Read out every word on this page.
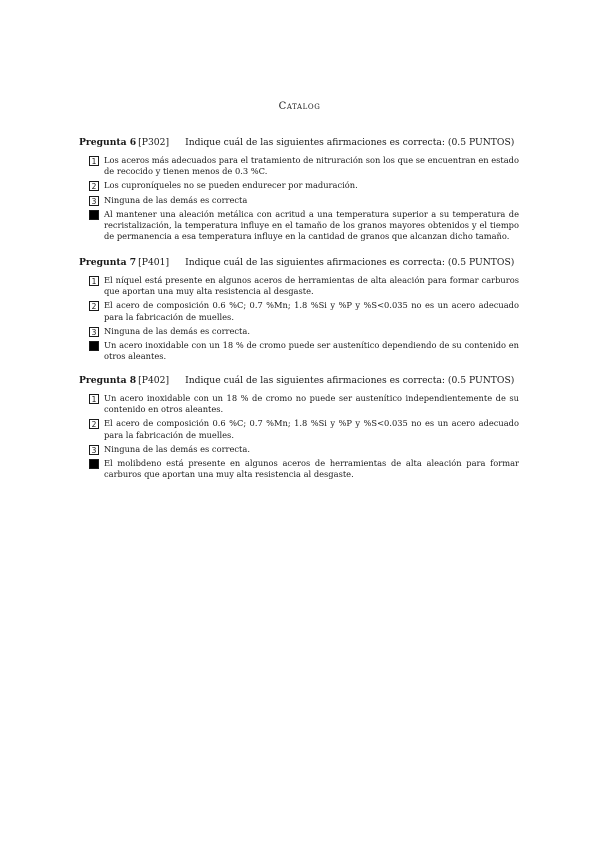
Catalog
Pregunta 6 [P302] Indique cuál de las siguientes afirmaciones es correcta: (0.5 PUNTOS)
1 Los aceros más adecuados para el tratamiento de nitruración son los que se encuentran en estado de recocido y tienen menos de 0.3 %C.
2 Los cuproníqueles no se pueden endurecer por maduración.
3 Ninguna de las demás es correcta
Al mantener una aleación metálica con acritud a una temperatura superior a su temperatura de recristalización, la temperatura influye en el tamaño de los granos mayores obtenidos y el tiempo de permanencia a esa temperatura influye en la cantidad de granos que alcanzan dicho tamaño.
Pregunta 7 [P401] Indique cuál de las siguientes afirmaciones es correcta: (0.5 PUNTOS)
1 El níquel está presente en algunos aceros de herramientas de alta aleación para formar carburos que aportan una muy alta resistencia al desgaste.
2 El acero de composición 0.6 %C; 0.7 %Mn; 1.8 %Si y %P y %S<0.035 no es un acero adecuado para la fabricación de muelles.
3 Ninguna de las demás es correcta.
Un acero inoxidable con un 18 % de cromo puede ser austenítico dependiendo de su contenido en otros aleantes.
Pregunta 8 [P402] Indique cuál de las siguientes afirmaciones es correcta: (0.5 PUNTOS)
1 Un acero inoxidable con un 18 % de cromo no puede ser austenítico independientemente de su contenido en otros aleantes.
2 El acero de composición 0.6 %C; 0.7 %Mn; 1.8 %Si y %P y %S<0.035 no es un acero adecuado para la fabricación de muelles.
3 Ninguna de las demás es correcta.
El molibdeno está presente en algunos aceros de herramientas de alta aleación para formar carburos que aportan una muy alta resistencia al desgaste.
